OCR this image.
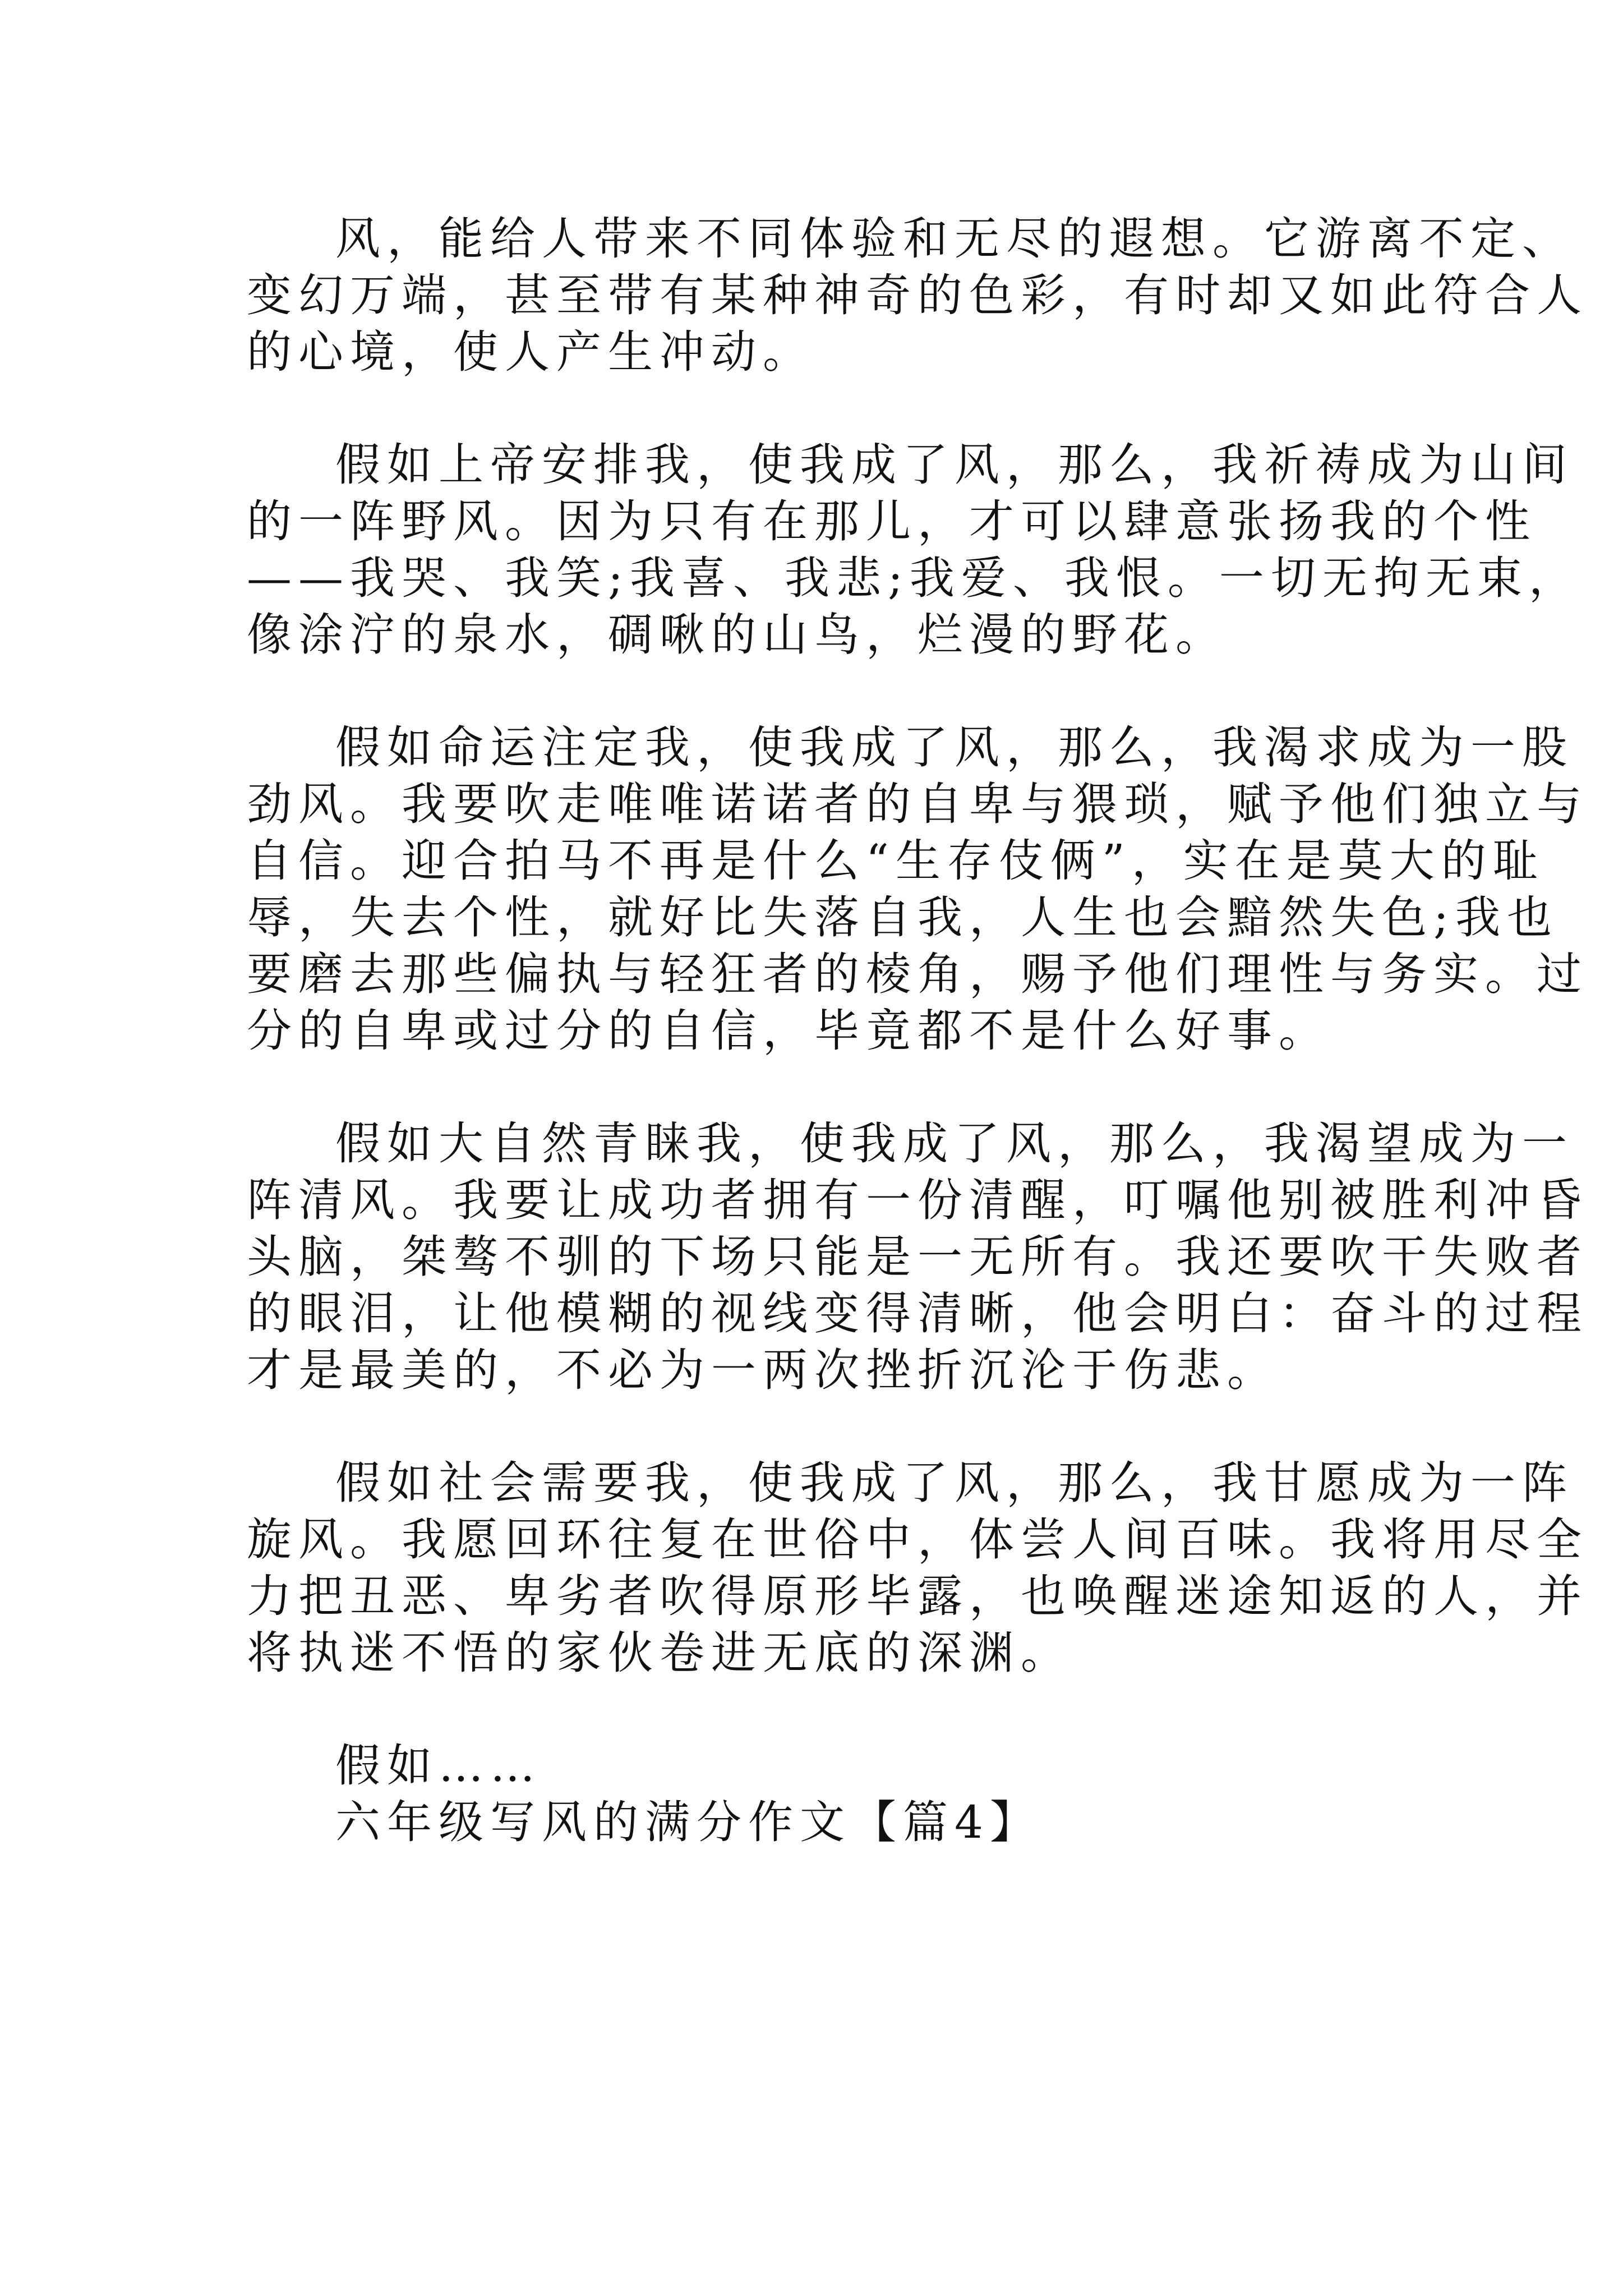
风，能给人带来不同体验和无尽的遐想。它游离不定、
变幻万端，甚至带有某种神奇的色彩，有时却又如此符合人
的心境，使人产生冲动。
假如上帝安排我，使我成了风，那么，我祈祷成为山间
的一阵野风。因为只有在那儿，才可以肆意张扬我的个性
——我哭、我笑;我喜、我悲;我爱、我恨。一切无拘无束，
像涂泞的泉水，碉啾的山鸟，烂漫的野花。
假如命运注定我，使我成了风，那么，我渴求成为一股
劲风。我要吹走唯唯诺诺者的自卑与猥琐，赋予他们独立与
自信。迎合拍马不再是什么“生存伎俩”，实在是莫大的耻
辱，失去个性，就好比失落自我，人生也会黯然失色;我也
要磨去那些偏执与轻狂者的棱角，赐予他们理性与务实。过
分的自卑或过分的自信，毕竟都不是什么好事。
假如大自然青睐我，使我成了风，那么，我渴望成为一
阵清风。我要让成功者拥有一份清醒，叮嘱他别被胜利冲昏
头脑，桀骜不驯的下场只能是一无所有。我还要吹干失败者
的眼泪，让他模糊的视线变得清晰，他会明白：奋斗的过程
才是最美的，不必为一两次挫折沉沦于伤悲。
假如社会需要我，使我成了风，那么，我甘愿成为一阵
旋风。我愿回环往复在世俗中，体尝人间百味。我将用尽全
力把丑恶、卑劣者吹得原形毕露，也唤醒迷途知返的人，并
将执迷不悟的家伙卷进无底的深渊。
假如……
六年级写风的满分作文【篇4】
